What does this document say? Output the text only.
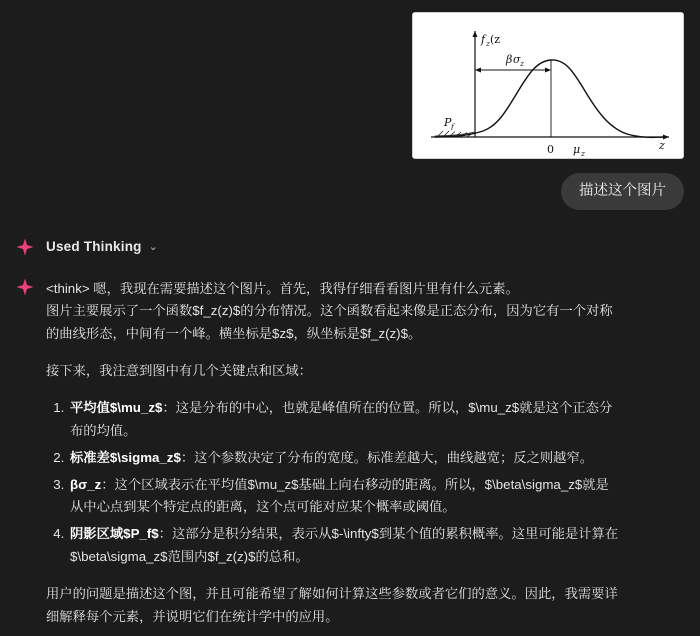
f z (z
β σ z
P f
0 μ z
z
描述这个图片
Used Thinking ⌄

<think> 嗯，我现在需要描述这个图片。首先，我得仔细看看图片里有什么元素。
图片主要展示了一个函数$f_z(z)$的分布情况。这个函数看起来像是正态分布，因为它有一个对称
的曲线形态，中间有一个峰。横坐标是$z$，纵坐标是$f_z(z)$。

接下来，我注意到图中有几个关键点和区域：

1. 平均值$\mu_z$：这是分布的中心，也就是峰值所在的位置。所以，$\mu_z$就是这个正态分
布的均值。
2. 标准差$\sigma_z$：这个参数决定了分布的宽度。标准差越大，曲线越宽；反之则越窄。
3. βσ_z：这个区域表示在平均值$\mu_z$基础上向右移动的距离。所以，$\beta\sigma_z$就是
从中心点到某个特定点的距离，这个点可能对应某个概率或阈值。
4. 阴影区域$P_f$：这部分是积分结果，表示从$-\infty$到某个值的累积概率。这里可能是计算在
$\beta\sigma_z$范围内$f_z(z)$的总和。

用户的问题是描述这个图，并且可能希望了解如何计算这些参数或者它们的意义。因此，我需要详
细解释每个元素，并说明它们在统计学中的应用。
